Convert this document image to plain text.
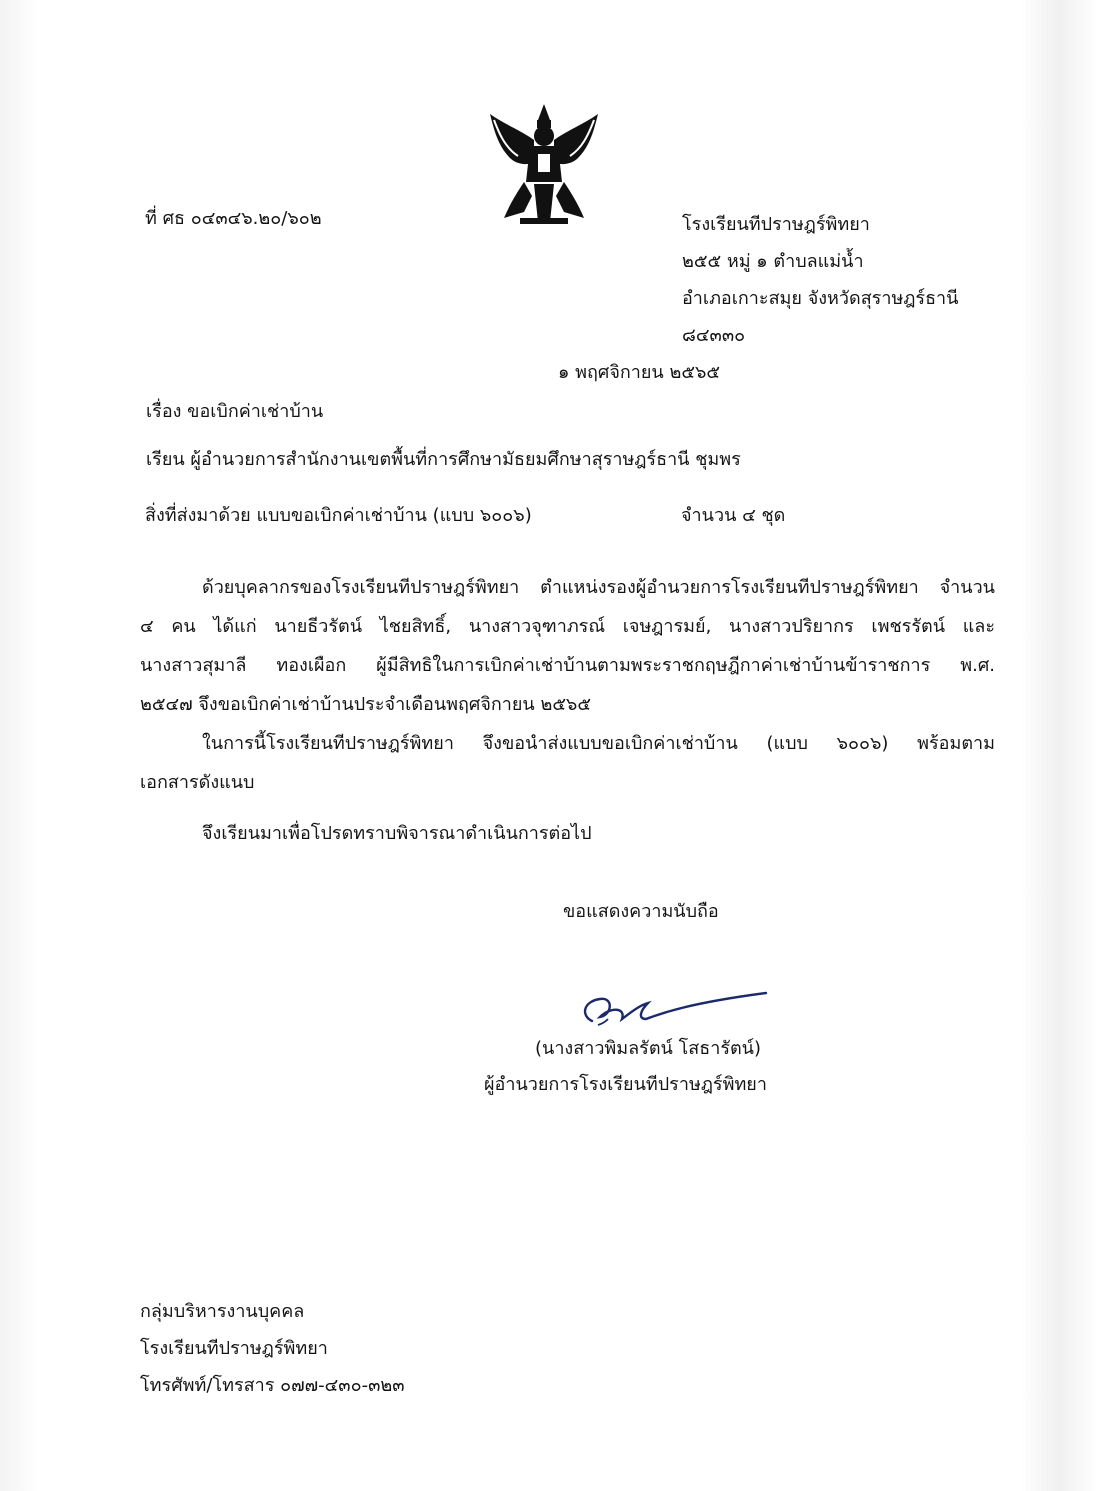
ที่ ศธ ๐๔๓๔๖.๒๐/๖๐๒	โรงเรียนทีปราษฎร์พิทยา
๒๕๕ หมู่ ๑ ตำบลแม่น้ำ
อำเภอเกาะสมุย จังหวัดสุราษฎร์ธานี
๘๔๓๓๐
๑ พฤศจิกายน ๒๕๖๕
เรื่อง ขอเบิกค่าเช่าบ้าน
เรียน ผู้อำนวยการสำนักงานเขตพื้นที่การศึกษามัธยมศึกษาสุราษฎร์ธานี ชุมพร
สิ่งที่ส่งมาด้วย แบบขอเบิกค่าเช่าบ้าน (แบบ ๖๐๐๖)	จำนวน ๔ ชุด
ด้วยบุคลากรของโรงเรียนทีปราษฎร์พิทยา ตำแหน่งรองผู้อำนวยการโรงเรียนทีปราษฎร์พิทยา จำนวน
๔ คน ได้แก่ นายธีวรัตน์ ไชยสิทธิ์, นางสาวจุฑาภรณ์ เจษฎารมย์, นางสาวปริยากร เพชรรัตน์ และ
นางสาวสุมาลี ทองเผือก ผู้มีสิทธิในการเบิกค่าเช่าบ้านตามพระราชกฤษฎีกาค่าเช่าบ้านข้าราชการ พ.ศ.
๒๕๔๗ จึงขอเบิกค่าเช่าบ้านประจำเดือนพฤศจิกายน ๒๕๖๕
ในการนี้โรงเรียนทีปราษฎร์พิทยา จึงขอนำส่งแบบขอเบิกค่าเช่าบ้าน (แบบ ๖๐๐๖) พร้อมตาม
เอกสารดังแนบ
จึงเรียนมาเพื่อโปรดทราบพิจารณาดำเนินการต่อไป
ขอแสดงความนับถือ
(นางสาวพิมลรัตน์ โสธารัตน์)
ผู้อำนวยการโรงเรียนทีปราษฎร์พิทยา
กลุ่มบริหารงานบุคคล
โรงเรียนทีปราษฎร์พิทยา
โทรศัพท์/โทรสาร ๐๗๗-๔๓๐-๓๒๓
